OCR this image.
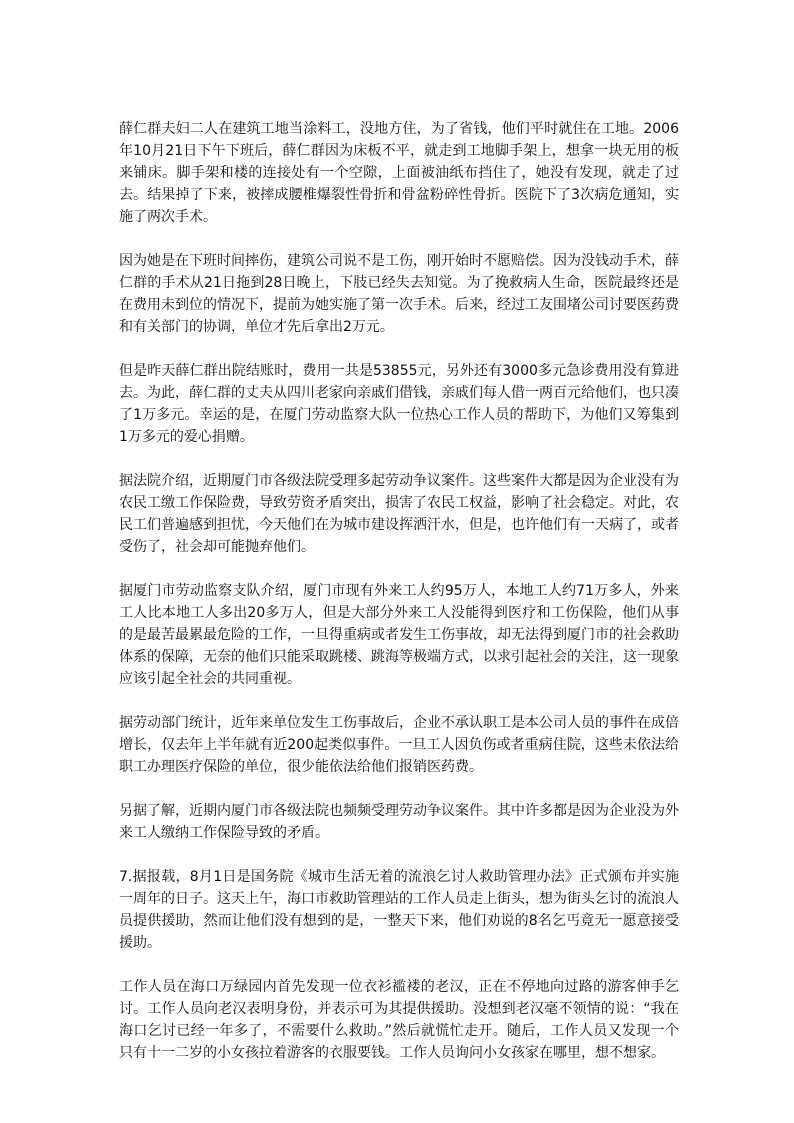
薛仁群夫妇二人在建筑工地当涂料工，没地方住，为了省钱，他们平时就住在工地。2006年10月21日下午下班后，薛仁群因为床板不平，就走到工地脚手架上，想拿一块无用的板来铺床。脚手架和楼的连接处有一个空隙，上面被油纸布挡住了，她没有发现，就走了过去。结果掉了下来，被摔成腰椎爆裂性骨折和骨盆粉碎性骨折。医院下了3次病危通知，实施了两次手术。

因为她是在下班时间摔伤，建筑公司说不是工伤，刚开始时不愿赔偿。因为没钱动手术，薛仁群的手术从21日拖到28日晚上，下肢已经失去知觉。为了挽救病人生命，医院最终还是在费用未到位的情况下，提前为她实施了第一次手术。后来，经过工友围堵公司讨要医药费和有关部门的协调，单位才先后拿出2万元。

但是昨天薛仁群出院结账时，费用一共是53855元，另外还有3000多元急诊费用没有算进去。为此，薛仁群的丈夫从四川老家向亲戚们借钱，亲戚们每人借一两百元给他们，也只凑了1万多元。幸运的是，在厦门劳动监察大队一位热心工作人员的帮助下，为他们又筹集到1万多元的爱心捐赠。

据法院介绍，近期厦门市各级法院受理多起劳动争议案件。这些案件大都是因为企业没有为农民工缴工作保险费，导致劳资矛盾突出，损害了农民工权益，影响了社会稳定。对此，农民工们普遍感到担忧，今天他们在为城市建设挥洒汗水，但是，也许他们有一天病了，或者受伤了，社会却可能抛弃他们。

据厦门市劳动监察支队介绍，厦门市现有外来工人约95万人，本地工人约71万多人，外来工人比本地工人多出20多万人，但是大部分外来工人没能得到医疗和工伤保险，他们从事的是最苦最累最危险的工作，一旦得重病或者发生工伤事故，却无法得到厦门市的社会救助体系的保障，无奈的他们只能采取跳楼、跳海等极端方式，以求引起社会的关注，这一现象应该引起全社会的共同重视。

据劳动部门统计，近年来单位发生工伤事故后，企业不承认职工是本公司人员的事件在成倍增长，仅去年上半年就有近200起类似事件。一旦工人因负伤或者重病住院，这些未依法给职工办理医疗保险的单位，很少能依法给他们报销医药费。

另据了解，近期内厦门市各级法院也频频受理劳动争议案件。其中许多都是因为企业没为外来工人缴纳工作保险导致的矛盾。

7.据报载，8月1日是国务院《城市生活无着的流浪乞讨人救助管理办法》正式颁布并实施一周年的日子。这天上午，海口市救助管理站的工作人员走上街头，想为街头乞讨的流浪人员提供援助，然而让他们没有想到的是，一整天下来，他们劝说的8名乞丐竟无一愿意接受援助。

工作人员在海口万绿园内首先发现一位衣衫褴褛的老汉，正在不停地向过路的游客伸手乞讨。工作人员向老汉表明身份，并表示可为其提供援助。没想到老汉毫不领情的说：“我在海口乞讨已经一年多了，不需要什么救助。”然后就慌忙走开。随后，工作人员又发现一个只有十一二岁的小女孩拉着游客的衣服要钱。工作人员询问小女孩家在哪里，想不想家。
